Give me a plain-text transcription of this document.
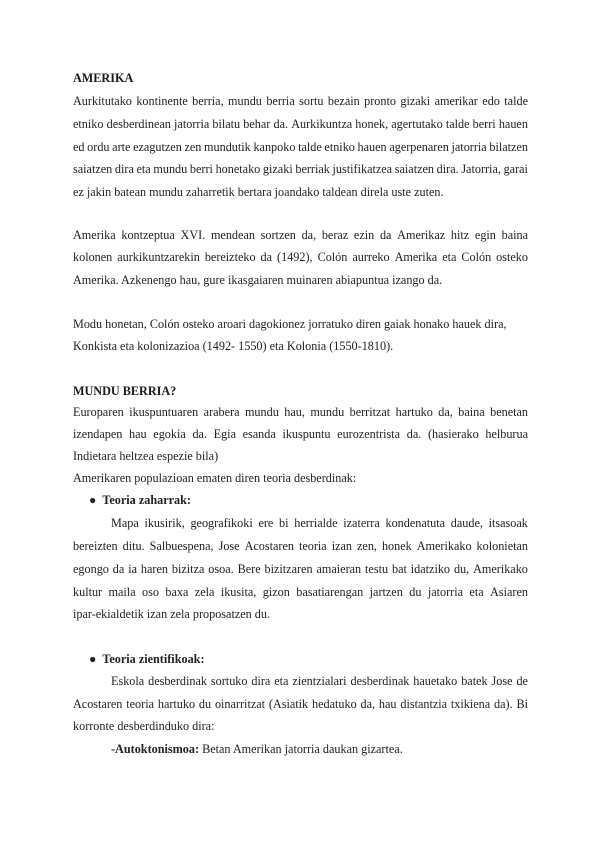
AMERIKA
Aurkitutako kontinente berria, mundu berria sortu bezain pronto gizaki amerikar edo talde
etniko desberdinean jatorria bilatu behar da. Aurkikuntza honek, agertutako talde berri hauen
ed ordu arte ezagutzen zen mundutik kanpoko talde etniko hauen agerpenaren jatorria bilatzen
saiatzen dira eta mundu berri honetako gizaki berriak justifikatzea saiatzen dira. Jatorria, garai
ez jakin batean mundu zaharretik bertara joandako taldean direla uste zuten.
Amerika kontzeptua XVI. mendean sortzen da, beraz ezin da Amerikaz hitz egin baina
kolonen aurkikuntzarekin bereizteko da (1492), Colón aurreko Amerika eta Colón osteko
Amerika. Azkenengo hau, gure ikasgaiaren muinaren abiapuntua izango da.
Modu honetan, Colón osteko aroari dagokionez jorratuko diren gaiak honako hauek dira,
Konkista eta kolonizazioa (1492- 1550) eta Kolonia (1550-1810).
MUNDU BERRIA?
Europaren ikuspuntuaren arabera mundu hau, mundu berritzat hartuko da, baina benetan
izendapen hau egokia da. Egia esanda ikuspuntu eurozentrista da. (hasierako helburua
Indietara heltzea espezie bila)
Amerikaren populazioan ematen diren teoria desberdinak:
● Teoria zaharrak:
Mapa ikusirik, geografikoki ere bi herrialde izaterra kondenatuta daude, itsasoak
bereizten ditu. Salbuespena, Jose Acostaren teoria izan zen, honek Amerikako kolonietan
egongo da ia haren bizitza osoa. Bere bizitzaren amaieran testu bat idatziko du, Amerikako
kultur maila oso baxa zela ikusita, gizon basatiarengan jartzen du jatorria eta Asiaren
ipar-ekialdetik izan zela proposatzen du.
● Teoria zientifikoak:
Eskola desberdinak sortuko dira eta zientzialari desberdinak hauetako batek Jose de
Acostaren teoria hartuko du oinarritzat (Asiatik hedatuko da, hau distantzia txikiena da). Bi
korronte desberdinduko dira:
-Autoktonismoa: Betan Amerikan jatorria daukan gizartea.
